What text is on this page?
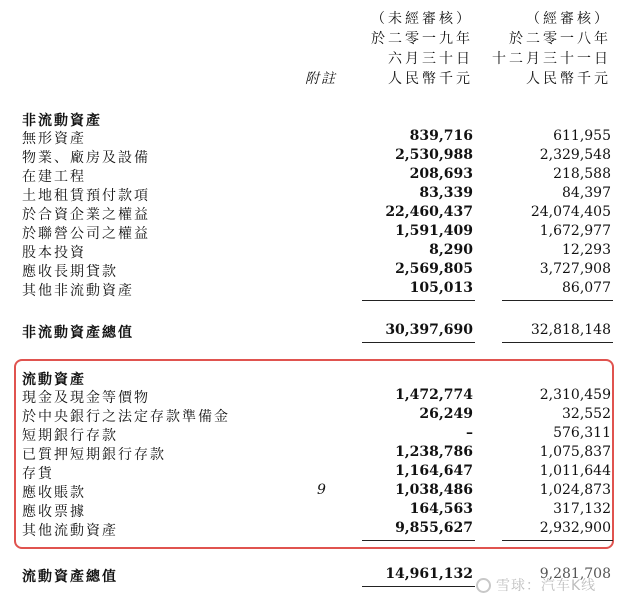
（未經審核）
於二零一九年
六月三十日
人民幣千元
（經審核）
於二零一八年
十二月三十一日
人民幣千元
附註
非流動資產
無形資產	839,716	611,955
物業、廠房及設備	2,530,988	2,329,548
在建工程	208,693	218,588
土地租賃預付款項	83,339	84,397
於合資企業之權益	22,460,437	24,074,405
於聯營公司之權益	1,591,409	1,672,977
股本投資	8,290	12,293
應收長期貸款	2,569,805	3,727,908
其他非流動資產	105,013	86,077
非流動資產總值	30,397,690	32,818,148
流動資產
現金及現金等價物	1,472,774	2,310,459
於中央銀行之法定存款準備金	26,249	32,552
短期銀行存款	–	576,311
已質押短期銀行存款	1,238,786	1,075,837
存貨	1,164,647	1,011,644
應收賬款	9	1,038,486	1,024,873
應收票據	164,563	317,132
其他流動資產	9,855,627	2,932,900
流動資產總值	14,961,132	9,281,708
雪球：汽车K线
